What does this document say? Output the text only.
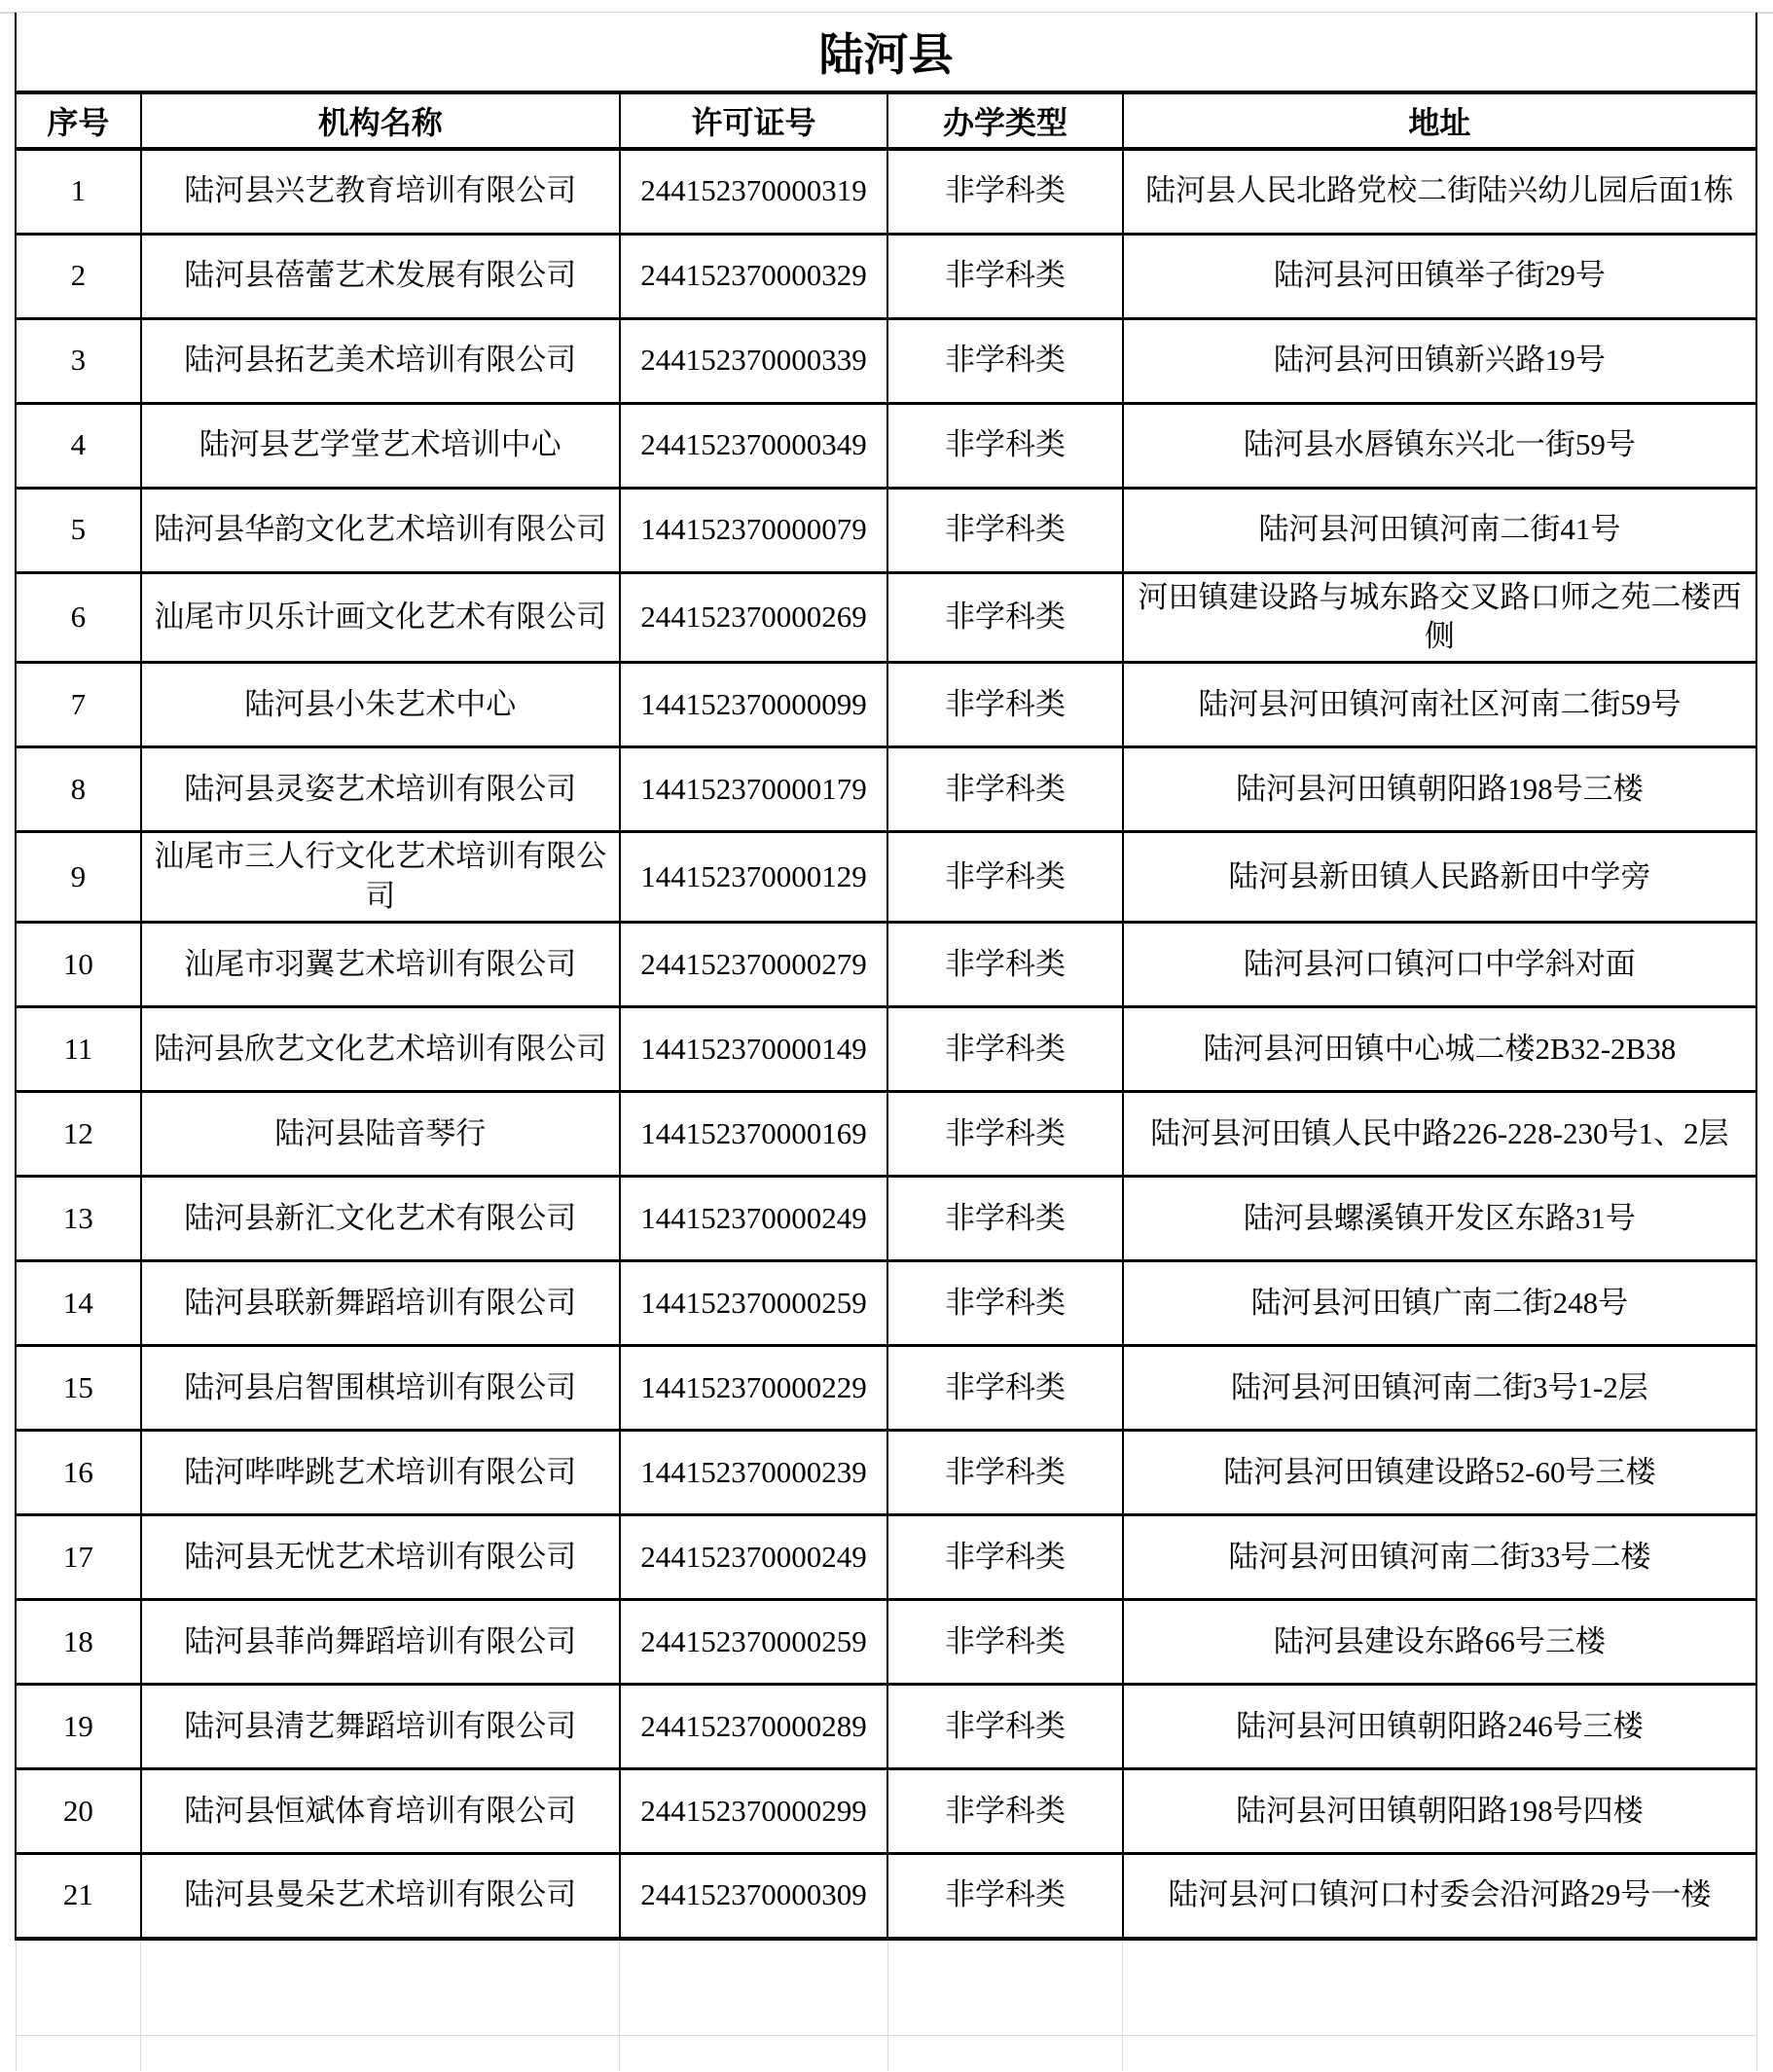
陆河县				
序号	机构名称	许可证号	办学类型	地址
1	陆河县兴艺教育培训有限公司	244152370000319	非学科类	陆河县人民北路党校二街陆兴幼儿园后面1栋
2	陆河县蓓蕾艺术发展有限公司	244152370000329	非学科类	陆河县河田镇举子街29号
3	陆河县拓艺美术培训有限公司	244152370000339	非学科类	陆河县河田镇新兴路19号
4	陆河县艺学堂艺术培训中心	244152370000349	非学科类	陆河县水唇镇东兴北一街59号
5	陆河县华韵文化艺术培训有限公司	144152370000079	非学科类	陆河县河田镇河南二街41号
6	汕尾市贝乐计画文化艺术有限公司	244152370000269	非学科类	河田镇建设路与城东路交叉路口师之苑二楼西侧
7	陆河县小朱艺术中心	144152370000099	非学科类	陆河县河田镇河南社区河南二街59号
8	陆河县灵姿艺术培训有限公司	144152370000179	非学科类	陆河县河田镇朝阳路198号三楼
9	汕尾市三人行文化艺术培训有限公司	144152370000129	非学科类	陆河县新田镇人民路新田中学旁
10	汕尾市羽翼艺术培训有限公司	244152370000279	非学科类	陆河县河口镇河口中学斜对面
11	陆河县欣艺文化艺术培训有限公司	144152370000149	非学科类	陆河县河田镇中心城二楼2B32-2B38
12	陆河县陆音琴行	144152370000169	非学科类	陆河县河田镇人民中路226-228-230号1、2层
13	陆河县新汇文化艺术有限公司	144152370000249	非学科类	陆河县螺溪镇开发区东路31号
14	陆河县联新舞蹈培训有限公司	144152370000259	非学科类	陆河县河田镇广南二街248号
15	陆河县启智围棋培训有限公司	144152370000229	非学科类	陆河县河田镇河南二街3号1-2层
16	陆河哔哔跳艺术培训有限公司	144152370000239	非学科类	陆河县河田镇建设路52-60号三楼
17	陆河县无忧艺术培训有限公司	244152370000249	非学科类	陆河县河田镇河南二街33号二楼
18	陆河县菲尚舞蹈培训有限公司	244152370000259	非学科类	陆河县建设东路66号三楼
19	陆河县清艺舞蹈培训有限公司	244152370000289	非学科类	陆河县河田镇朝阳路246号三楼
20	陆河县恒斌体育培训有限公司	244152370000299	非学科类	陆河县河田镇朝阳路198号四楼
21	陆河县曼朵艺术培训有限公司	244152370000309	非学科类	陆河县河口镇河口村委会沿河路29号一楼
